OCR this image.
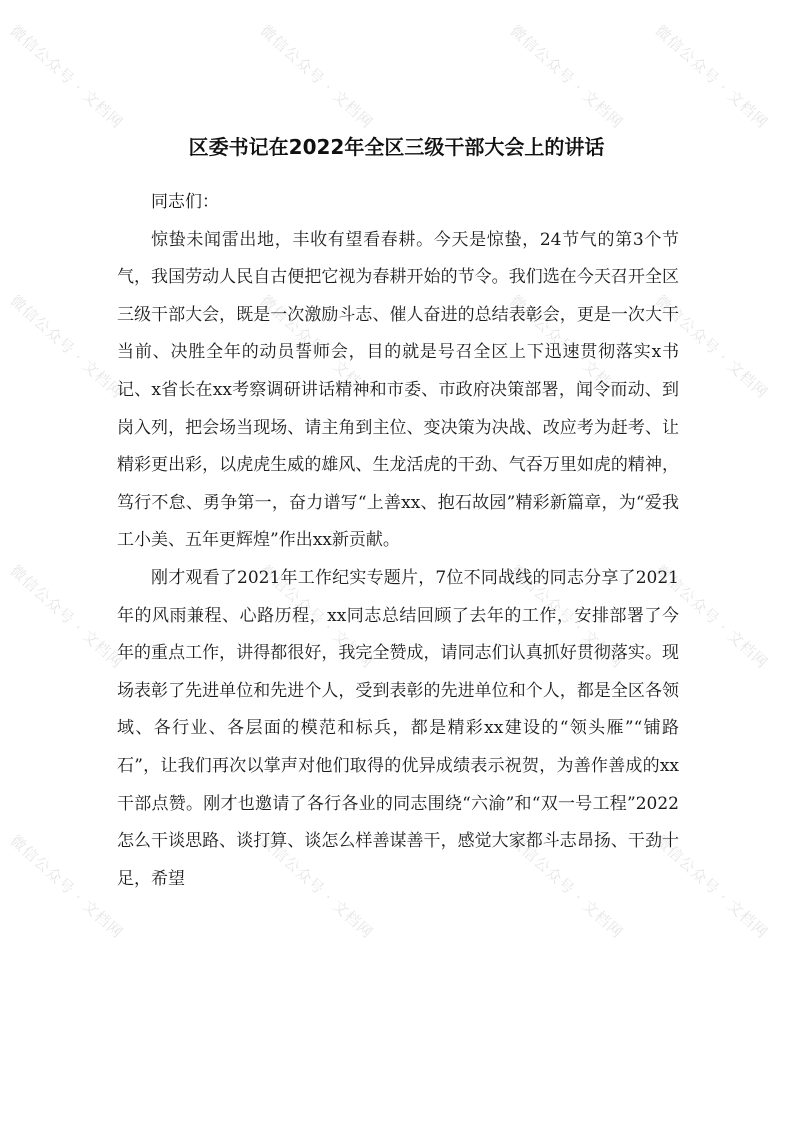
微信公众号 · 文档网	微信公众号 · 文档网	微信公众号 · 文档网 微信公众号 · 文档网
微信公众号 · 文档网	微信公众号 · 文档网	微信公众号 · 文档网 微信公众号 · 文档网
微信公众号 · 文档网	微信公众号 · 文档网	微信公众号 · 文档网 微信公众号 · 文档网
微信公众号 · 文档网	微信公众号 · 文档网	微信公众号 · 文档网 微信公众号 · 文档网
区委书记在2022年全区三级干部大会上的讲话

同志们：

惊蛰未闻雷出地，丰收有望看春耕。今天是惊蛰，24节气的第3个节气，我国劳动人民自古便把它视为春耕开始的节令。我们选在今天召开全区三级干部大会，既是一次激励斗志、催人奋进的总结表彰会，更是一次大干当前、决胜全年的动员誓师会，目的就是号召全区上下迅速贯彻落实x书记、x省长在xx考察调研讲话精神和市委、市政府决策部署，闻令而动、到岗入列，把会场当现场、请主角到主位、变决策为决战、改应考为赶考、让精彩更出彩，以虎虎生威的雄风、生龙活虎的干劲、气吞万里如虎的精神，笃行不怠、勇争第一，奋力谱写“上善xx、抱石故园”精彩新篇章，为“爱我工小美、五年更辉煌”作出xx新贡献。

刚才观看了2021年工作纪实专题片，7位不同战线的同志分享了2021年的风雨兼程、心路历程，xx同志总结回顾了去年的工作，安排部署了今年的重点工作，讲得都很好，我完全赞成，请同志们认真抓好贯彻落实。现场表彰了先进单位和先进个人，受到表彰的先进单位和个人，都是全区各领域、各行业、各层面的模范和标兵，都是精彩xx建设的“领头雁”“铺路石”，让我们再次以掌声对他们取得的优异成绩表示祝贺，为善作善成的xx干部点赞。刚才也邀请了各行各业的同志围绕“六渝”和“双一号工程”2022怎么干谈思路、谈打算、谈怎么样善谋善干，感觉大家都斗志昂扬、干劲十足，希望
